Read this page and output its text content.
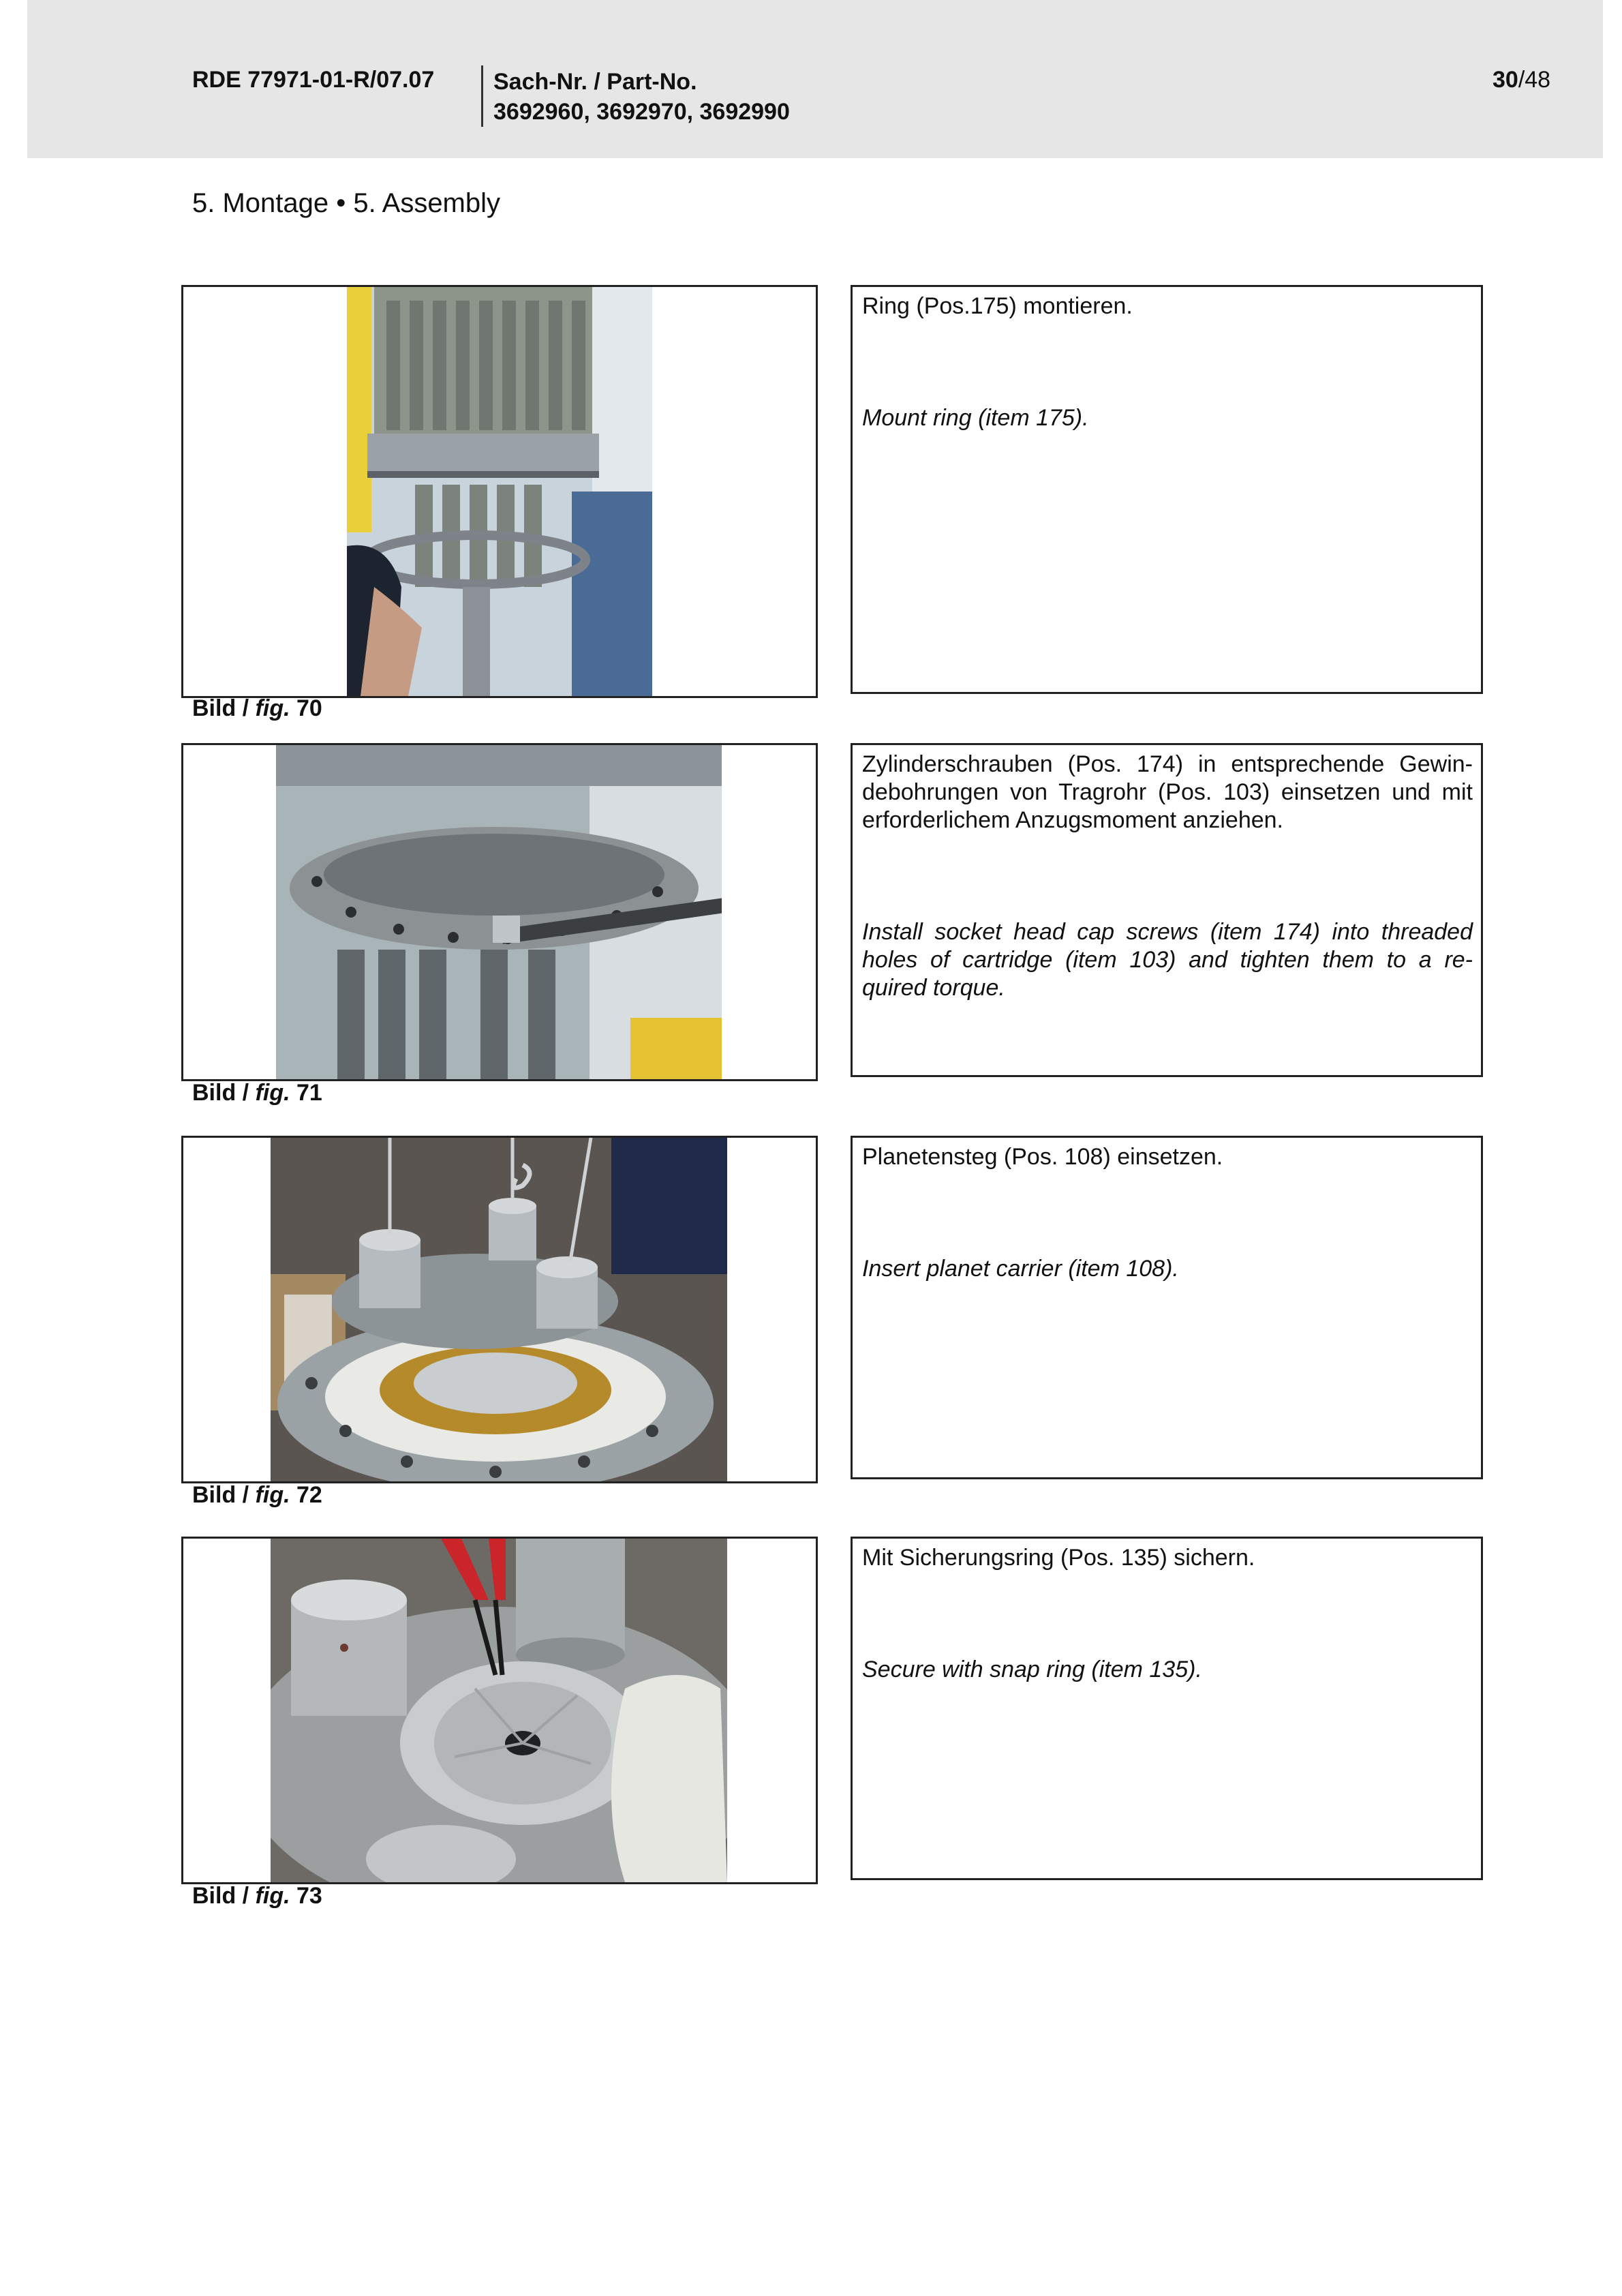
RDE 77971-01-R/07.07	Sach-Nr. / Part-No.
3692960, 3692970, 3692990
30/48
5. Montage • 5. Assembly

Ring (Pos.175) montieren.

Mount ring (item 175).

Bild / fig. 70

Zylinderschrauben (Pos. 174) in entsprechende Gewin-debohrungen von Tragrohr (Pos. 103) einsetzen und mit erforderlichem Anzugsmoment anziehen.

Install socket head cap screws (item 174) into threaded holes of cartridge (item 103) and tighten them to a re-quired torque.

Bild / fig. 71

Planetensteg (Pos. 108) einsetzen.

Insert planet carrier (item 108).

Bild / fig. 72

Mit Sicherungsring (Pos. 135) sichern.

Secure with snap ring (item 135).

Bild / fig. 73
